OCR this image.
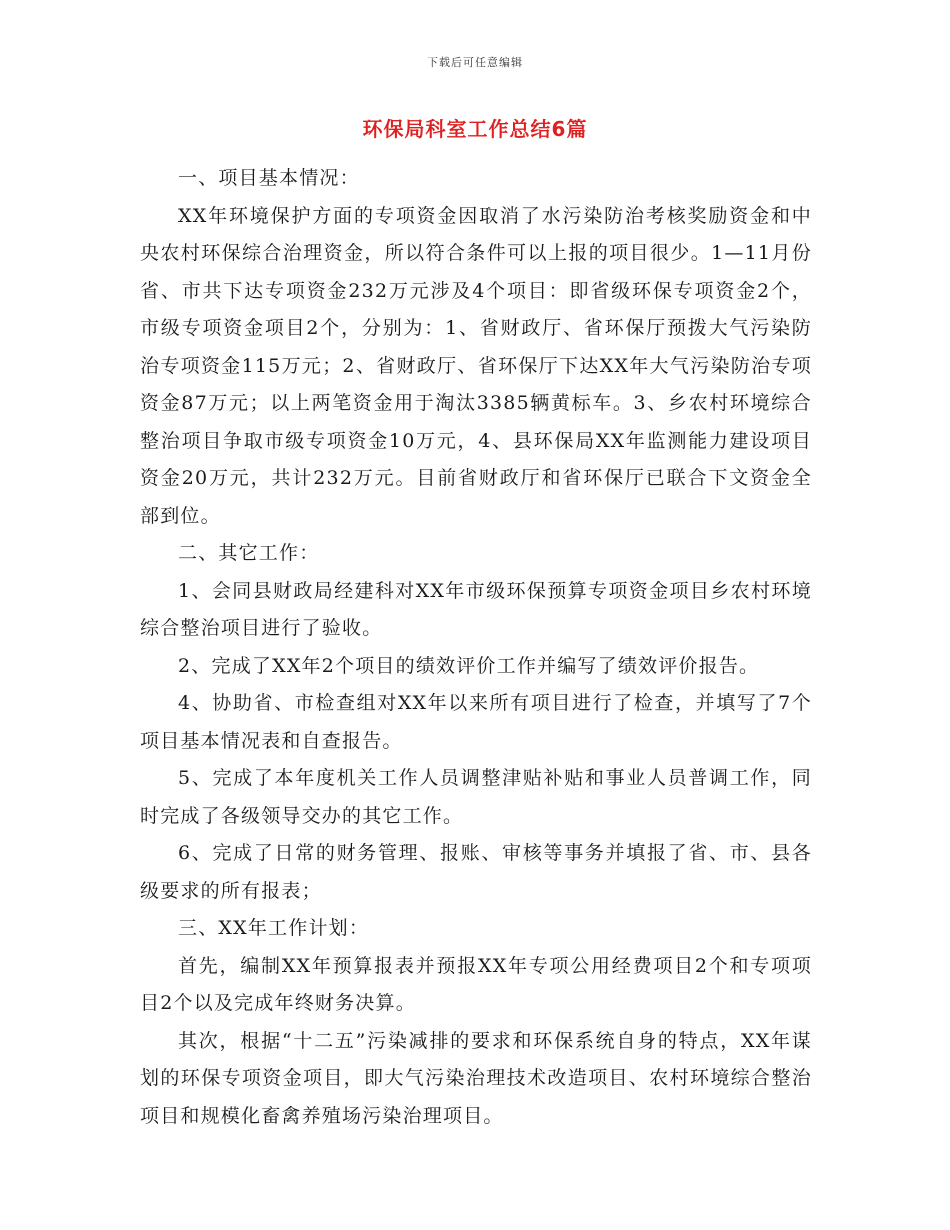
下载后可任意编辑
环保局科室工作总结6篇

一、项目基本情况：

XX年环境保护方面的专项资金因取消了水污染防治考核奖励资金和中央农村环保综合治理资金，所以符合条件可以上报的项目很少。1—11月份省、市共下达专项资金232万元涉及4个项目：即省级环保专项资金2个，市级专项资金项目2个，分别为：1、省财政厅、省环保厅预拨大气污染防治专项资金115万元；2、省财政厅、省环保厅下达XX年大气污染防治专项资金87万元；以上两笔资金用于淘汰3385辆黄标车。3、乡农村环境综合整治项目争取市级专项资金10万元，4、县环保局XX年监测能力建设项目资金20万元，共计232万元。目前省财政厅和省环保厅已联合下文资金全部到位。

二、其它工作：

1、会同县财政局经建科对XX年市级环保预算专项资金项目乡农村环境综合整治项目进行了验收。

2、完成了XX年2个项目的绩效评价工作并编写了绩效评价报告。

4、协助省、市检查组对XX年以来所有项目进行了检查，并填写了7个项目基本情况表和自查报告。

5、完成了本年度机关工作人员调整津贴补贴和事业人员普调工作，同时完成了各级领导交办的其它工作。

6、完成了日常的财务管理、报账、审核等事务并填报了省、市、县各级要求的所有报表；

三、XX年工作计划：

首先，编制XX年预算报表并预报XX年专项公用经费项目2个和专项项目2个以及完成年终财务决算。

其次，根据“十二五”污染减排的要求和环保系统自身的特点，XX年谋划的环保专项资金项目，即大气污染治理技术改造项目、农村环境综合整治项目和规模化畜禽养殖场污染治理项目。
